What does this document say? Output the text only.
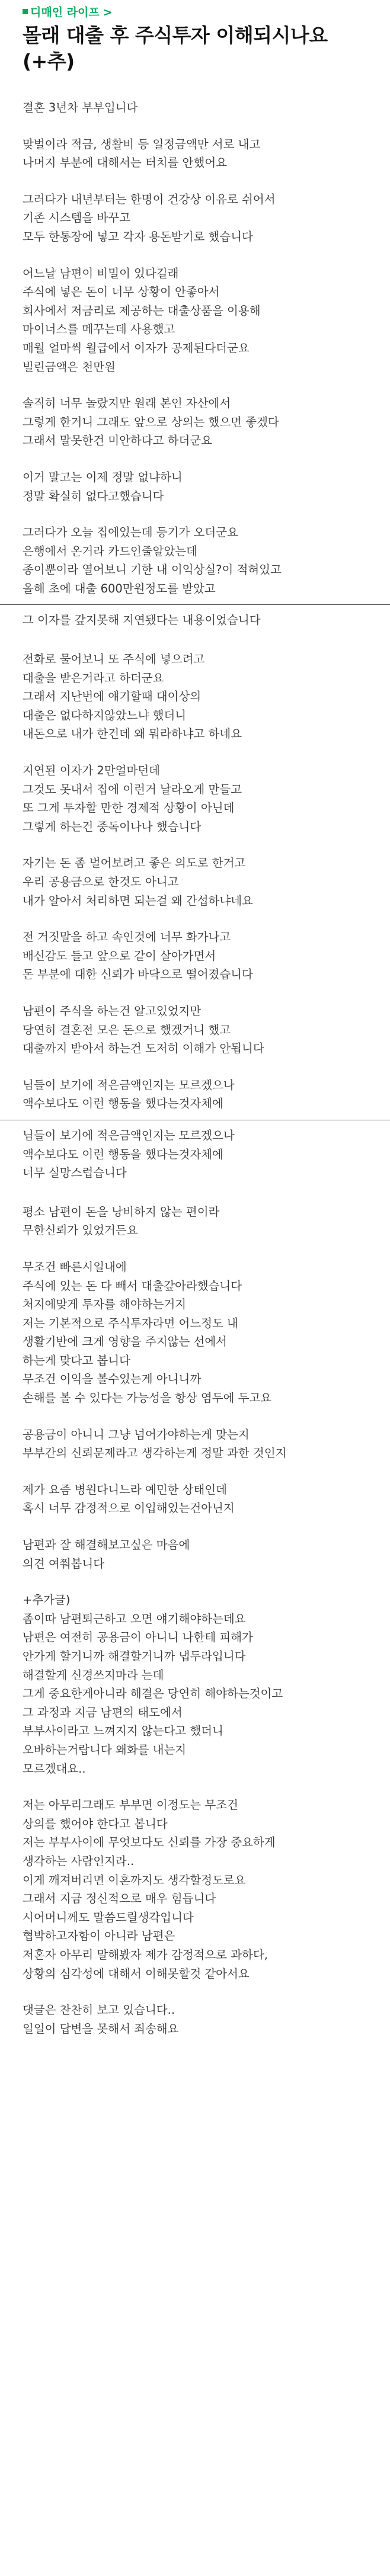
디매인 라이프 >
몰래 대출 후 주식투자 이해되시나요 (+추)

결혼 3년차 부부입니다

맞벌이라 적금, 생활비 등 일정금액만 서로 내고

나머지 부분에 대해서는 터치를 안했어요

그러다가 내년부터는 한명이 건강상 이유로 쉬어서

기존 시스템을 바꾸고

모두 한통장에 넣고 각자 용돈받기로 했습니다

어느날 남편이 비밀이 있다길래

주식에 넣은 돈이 너무 상황이 안좋아서

회사에서 저금리로 제공하는 대출상품을 이용해

마이너스를 메꾸는데 사용했고

매월 얼마씩 월급에서 이자가 공제된다더군요

빌린금액은 천만원

솔직히 너무 놀랐지만 원래 본인 자산에서

그렇게 한거니 그래도 앞으로 상의는 했으면 좋겠다

그래서 말못한건 미안하다고 하더군요

이거 말고는 이제 정말 없냐하니

정말 확실히 없다고했습니다

그러다가 오늘 집에있는데 등기가 오더군요

은행에서 온거라 카드인줄알았는데

종이뿐이라 열어보니 기한 내 이익상실?이 적혀있고

올해 초에 대출 600만원정도를 받았고

그 이자를 갚지못해 지연됐다는 내용이었습니다

전화로 물어보니 또 주식에 넣으려고

대출을 받은거라고 하더군요

그래서 지난번에 얘기할때 대이상의

대출은 없다하지않았느냐 했더니

내돈으로 내가 한건데 왜 뭐라하냐고 하네요

지연된 이자가 2만얼마던데

그것도 못내서 집에 이런거 날라오게 만들고

또 그게 투자할 만한 경제적 상황이 아닌데

그렇게 하는건 중독이나나 했습니다

자기는 돈 좀 벌어보려고 좋은 의도로 한거고

우리 공용금으로 한것도 아니고

내가 알아서 처리하면 되는걸 왜 간섭하냐네요

전 거짓말을 하고 속인것에 너무 화가나고

배신감도 들고 앞으로 같이 살아가면서

돈 부분에 대한 신뢰가 바닥으로 떨어졌습니다

남편이 주식을 하는건 알고있었지만

당연히 결혼전 모은 돈으로 했겠거니 했고

대출까지 받아서 하는건 도저히 이해가 안됩니다

님들이 보기에 적은금액인지는 모르겠으나

액수보다도 이런 행동을 했다는것자체에

님들이 보기에 적은금액인지는 모르겠으나

액수보다도 이런 행동을 했다는것자체에

너무 실망스럽습니다

평소 남편이 돈을 낭비하지 않는 편이라

무한신뢰가 있었거든요

무조건 빠른시일내에

주식에 있는 돈 다 빼서 대출갚아라했습니다

처지에맞게 투자를 해야하는거지

저는 기본적으로 주식투자라면 어느정도 내

생활기반에 크게 영향을 주지않는 선에서

하는게 맞다고 봅니다

무조건 이익을 볼수있는게 아니니까

손해를 볼 수 있다는 가능성을 항상 염두에 두고요

공용금이 아니니 그냥 넘어가야하는게 맞는지

부부간의 신뢰문제라고 생각하는게 정말 과한 것인지

제가 요즘 병원다니느라 예민한 상태인데

혹시 너무 감정적으로 이입해있는건아닌지

남편과 잘 해결해보고싶은 마음에

의견 여쭤봅니다

+추가글)

좀이따 남편퇴근하고 오면 얘기해야하는데요

남편은 여전히 공용금이 아니니 나한테 피해가

안가게 할거니까 해결할거니까 냅두라입니다

해결할게 신경쓰지마라 는데

그게 중요한게아니라 해결은 당연히 해야하는것이고

그 과정과 지금 남편의 태도에서

부부사이라고 느껴지지 않는다고 했더니

오바하는거랍니다 왜화를 내는지

모르겠대요..

저는 아무리그래도 부부면 이정도는 무조건

상의를 했어야 한다고 봅니다

저는 부부사이에 무엇보다도 신뢰를 가장 중요하게

생각하는 사람인지라..

이게 깨져버리면 이혼까지도 생각할정도로요

그래서 지금 정신적으로 매우 힘듭니다

시어머니께도 말씀드릴생각입니다

협박하고자함이 아니라 남편은

저혼자 아무리 말해봤자 제가 감정적으로 과하다,

상황의 심각성에 대해서 이해못할것 같아서요

댓글은 찬찬히 보고 있습니다..

일일이 답변을 못해서 죄송해요
